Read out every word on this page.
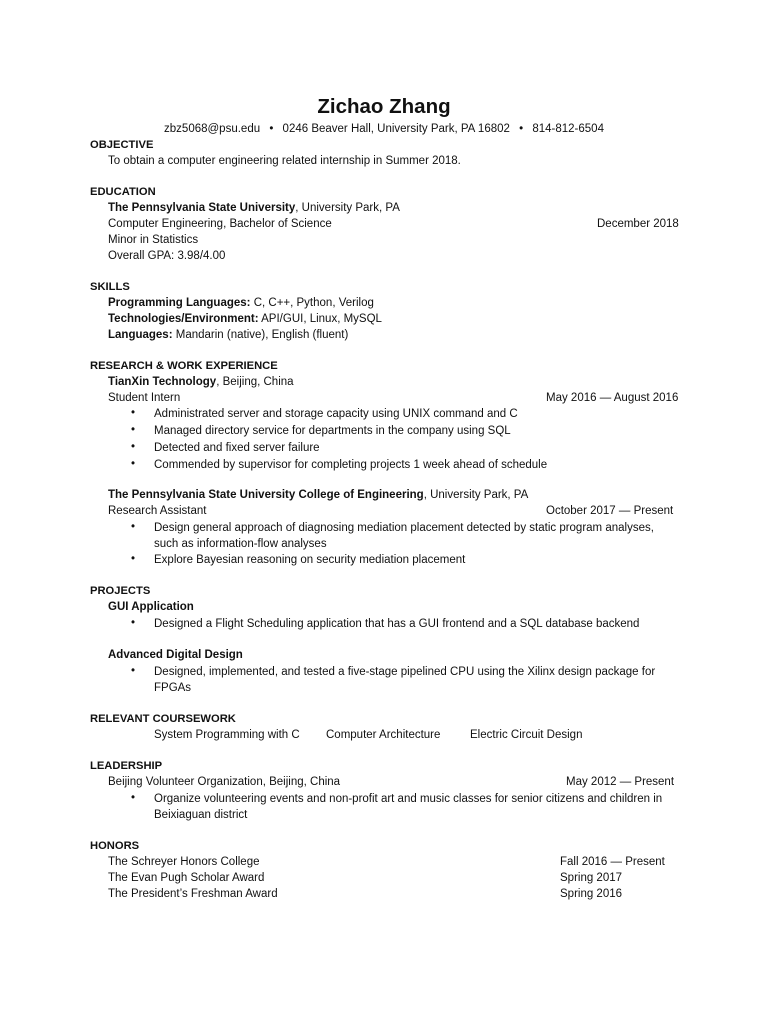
Zichao Zhang
zbz5068@psu.edu • 0246 Beaver Hall, University Park, PA 16802 • 814-812-6504
OBJECTIVE
To obtain a computer engineering related internship in Summer 2018.
EDUCATION
The Pennsylvania State University, University Park, PA
Computer Engineering, Bachelor of Science	December 2018
Minor in Statistics
Overall GPA: 3.98/4.00
SKILLS
Programming Languages: C, C++, Python, Verilog
Technologies/Environment: API/GUI, Linux, MySQL
Languages: Mandarin (native), English (fluent)
RESEARCH & WORK EXPERIENCE
TianXin Technology, Beijing, China
Student Intern	May 2016 — August 2016
• Administrated server and storage capacity using UNIX command and C
• Managed directory service for departments in the company using SQL
• Detected and fixed server failure
• Commended by supervisor for completing projects 1 week ahead of schedule
The Pennsylvania State University College of Engineering, University Park, PA
Research Assistant	October 2017 — Present
• Design general approach of diagnosing mediation placement detected by static program analyses,
such as information-flow analyses
• Explore Bayesian reasoning on security mediation placement
PROJECTS
GUI Application
• Designed a Flight Scheduling application that has a GUI frontend and a SQL database backend
Advanced Digital Design
• Designed, implemented, and tested a five-stage pipelined CPU using the Xilinx design package for
FPGAs
RELEVANT COURSEWORK
System Programming with C Computer Architecture	Electric Circuit Design
LEADERSHIP
Beijing Volunteer Organization, Beijing, China	May 2012 — Present
• Organize volunteering events and non-profit art and music classes for senior citizens and children in
Beixiaguan district
HONORS
The Schreyer Honors College	Fall 2016 — Present
The Evan Pugh Scholar Award	Spring 2017
The President’s Freshman Award	Spring 2016
